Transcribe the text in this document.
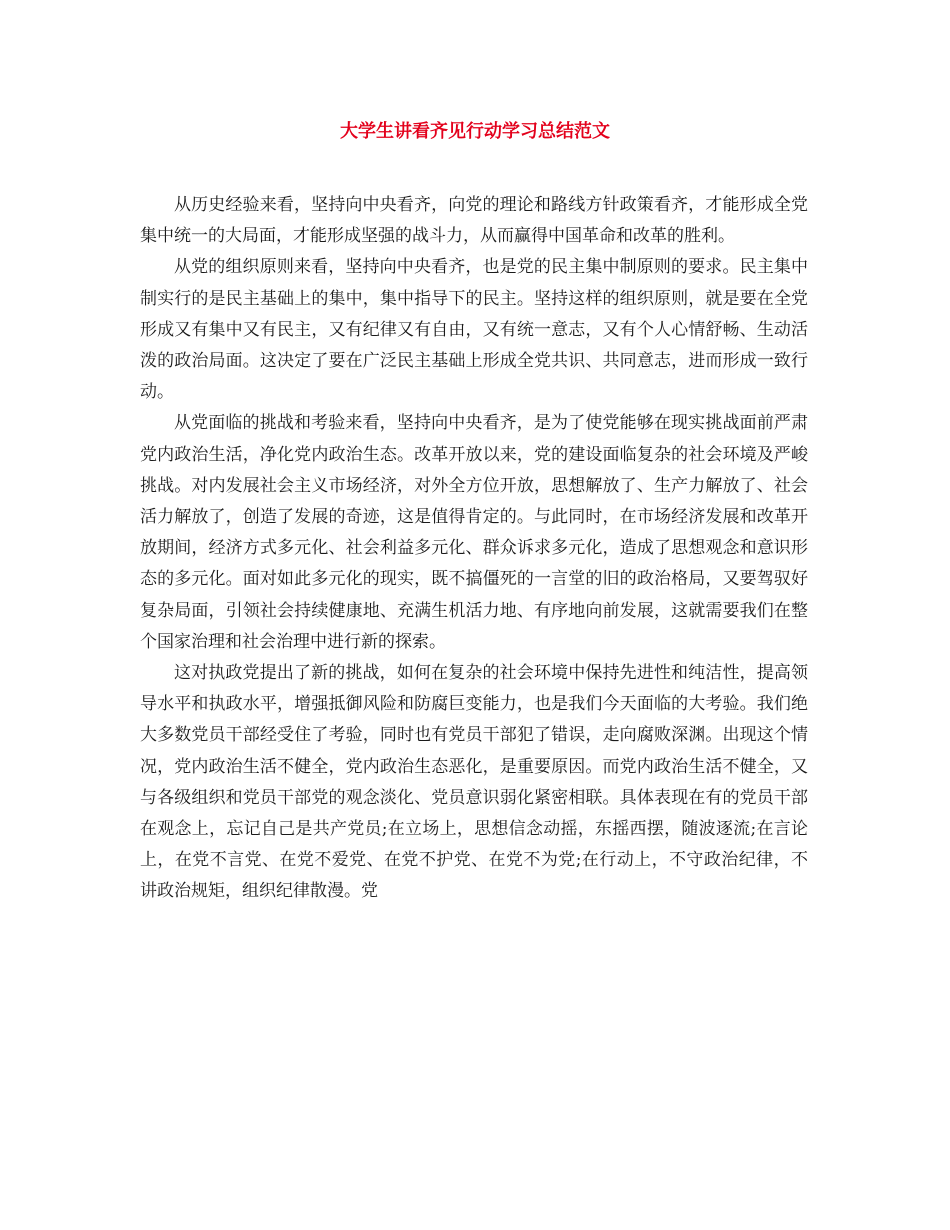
大学生讲看齐见行动学习总结范文

从历史经验来看，坚持向中央看齐，向党的理论和路线方针政策看齐，才能形成全党集中统一的大局面，才能形成坚强的战斗力，从而赢得中国革命和改革的胜利。

从党的组织原则来看，坚持向中央看齐，也是党的民主集中制原则的要求。民主集中制实行的是民主基础上的集中，集中指导下的民主。坚持这样的组织原则，就是要在全党形成又有集中又有民主，又有纪律又有自由，又有统一意志，又有个人心情舒畅、生动活泼的政治局面。这决定了要在广泛民主基础上形成全党共识、共同意志，进而形成一致行动。

从党面临的挑战和考验来看，坚持向中央看齐，是为了使党能够在现实挑战面前严肃党内政治生活，净化党内政治生态。改革开放以来，党的建设面临复杂的社会环境及严峻挑战。对内发展社会主义市场经济，对外全方位开放，思想解放了、生产力解放了、社会活力解放了，创造了发展的奇迹，这是值得肯定的。与此同时，在市场经济发展和改革开放期间，经济方式多元化、社会利益多元化、群众诉求多元化，造成了思想观念和意识形态的多元化。面对如此多元化的现实，既不搞僵死的一言堂的旧的政治格局，又要驾驭好复杂局面，引领社会持续健康地、充满生机活力地、有序地向前发展，这就需要我们在整个国家治理和社会治理中进行新的探索。

这对执政党提出了新的挑战，如何在复杂的社会环境中保持先进性和纯洁性，提高领导水平和执政水平，增强抵御风险和防腐巨变能力，也是我们今天面临的大考验。我们绝大多数党员干部经受住了考验，同时也有党员干部犯了错误，走向腐败深渊。出现这个情况，党内政治生活不健全，党内政治生态恶化，是重要原因。而党内政治生活不健全，又与各级组织和党员干部党的观念淡化、党员意识弱化紧密相联。具体表现在有的党员干部在观念上，忘记自己是共产党员;在立场上，思想信念动摇，东摇西摆，随波逐流;在言论上，在党不言党、在党不爱党、在党不护党、在党不为党;在行动上，不守政治纪律，不讲政治规矩，组织纪律散漫。党
